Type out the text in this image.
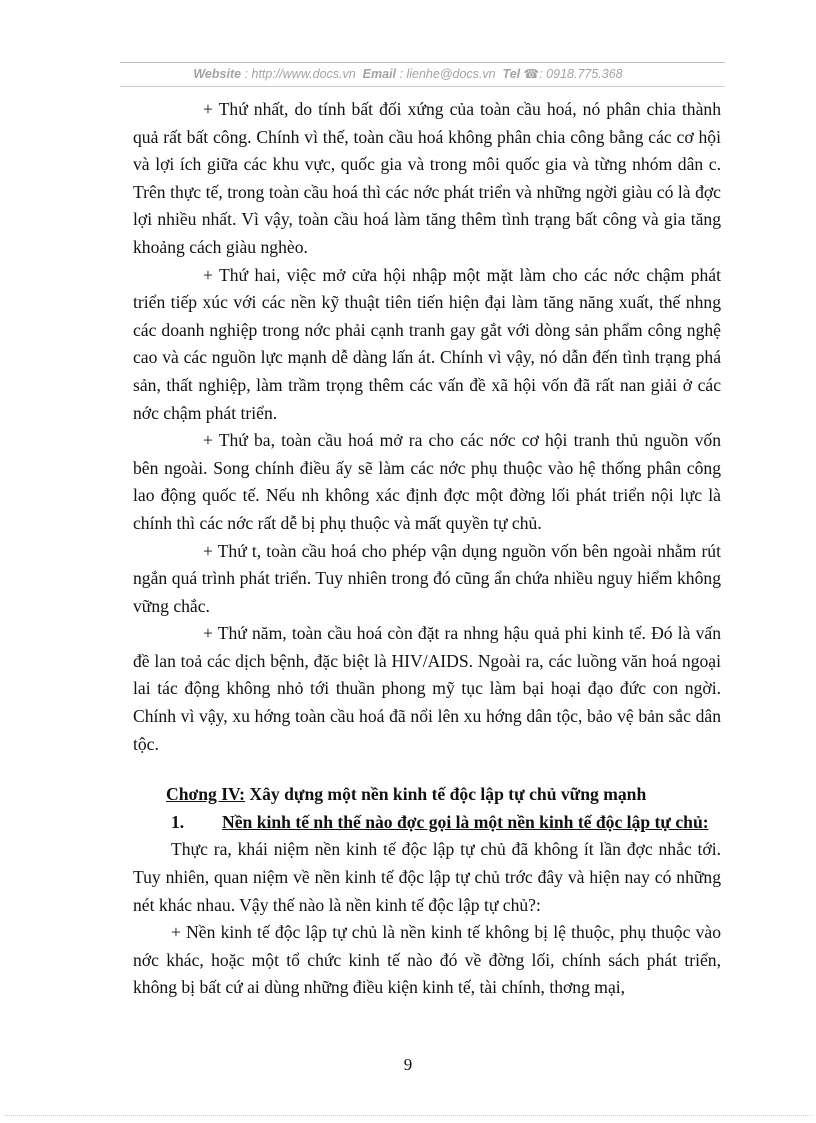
Website : http://www.docs.vn Email : lienhe@docs.vn Tel ☎: 0918.775.368

+ Thứ nhất, do tính bất đối xứng của toàn cầu hoá, nó phân chia thành quả rất bất công. Chính vì thế, toàn cầu hoá không phân chia công bằng các cơ hội và lợi ích giữa các khu vực, quốc gia và trong môi quốc gia và từng nhóm dân c. Trên thực tế, trong toàn cầu hoá thì các nớc phát triển và những ngời giàu có là đợc lợi nhiều nhất. Vì vậy, toàn cầu hoá làm tăng thêm tình trạng bất công và gia tăng khoảng cách giàu nghèo.

+ Thứ hai, việc mở cửa hội nhập một mặt làm cho các nớc chậm phát triển tiếp xúc với các nền kỹ thuật tiên tiến hiện đại làm tăng năng xuất, thế nhng các doanh nghiệp trong nớc phải cạnh tranh gay gắt với dòng sản phẩm công nghệ cao và các nguồn lực mạnh dễ dàng lấn át. Chính vì vậy, nó dẫn đến tình trạng phá sản, thất nghiệp, làm trầm trọng thêm các vấn đề xã hội vốn đã rất nan giải ở các nớc chậm phát triển.

+ Thứ ba, toàn cầu hoá mở ra cho các nớc cơ hội tranh thủ nguồn vốn bên ngoài. Song chính điều ấy sẽ làm các nớc phụ thuộc vào hệ thống phân công lao động quốc tế. Nếu nh không xác định đợc một đờng lối phát triển nội lực là chính thì các nớc rất dễ bị phụ thuộc và mất quyền tự chủ.

+ Thứ t, toàn cầu hoá cho phép vận dụng nguồn vốn bên ngoài nhằm rút ngắn quá trình phát triển. Tuy nhiên trong đó cũng ẩn chứa nhiều nguy hiểm không vững chắc.

+ Thứ năm, toàn cầu hoá còn đặt ra nhng hậu quả phi kinh tế. Đó là vấn đề lan toả các dịch bệnh, đặc biệt là HIV/AIDS. Ngoài ra, các luồng văn hoá ngoại lai tác động không nhỏ tới thuần phong mỹ tục làm bại hoại đạo đức con ngời. Chính vì vậy, xu hớng toàn cầu hoá đã nổi lên xu hớng dân tộc, bảo vệ bản sắc dân tộc.

Chơng IV: Xây dựng một nền kinh tế độc lập tự chủ vững mạnh

1. Nền kinh tế nh thế nào đợc gọi là một nền kinh tế độc lập tự chủ:

Thực ra, khái niệm nền kinh tế độc lập tự chủ đã không ít lần đợc nhắc tới. Tuy nhiên, quan niệm về nền kinh tế độc lập tự chủ trớc đây và hiện nay có những nét khác nhau. Vậy thế nào là nền kinh tế độc lập tự chủ?:

+ Nền kinh tế độc lập tự chủ là nền kinh tế không bị lệ thuộc, phụ thuộc vào nớc khác, hoặc một tổ chức kinh tế nào đó về đờng lối, chính sách phát triển, không bị bất cứ ai dùng những điều kiện kinh tế, tài chính, thơng mại,

9
